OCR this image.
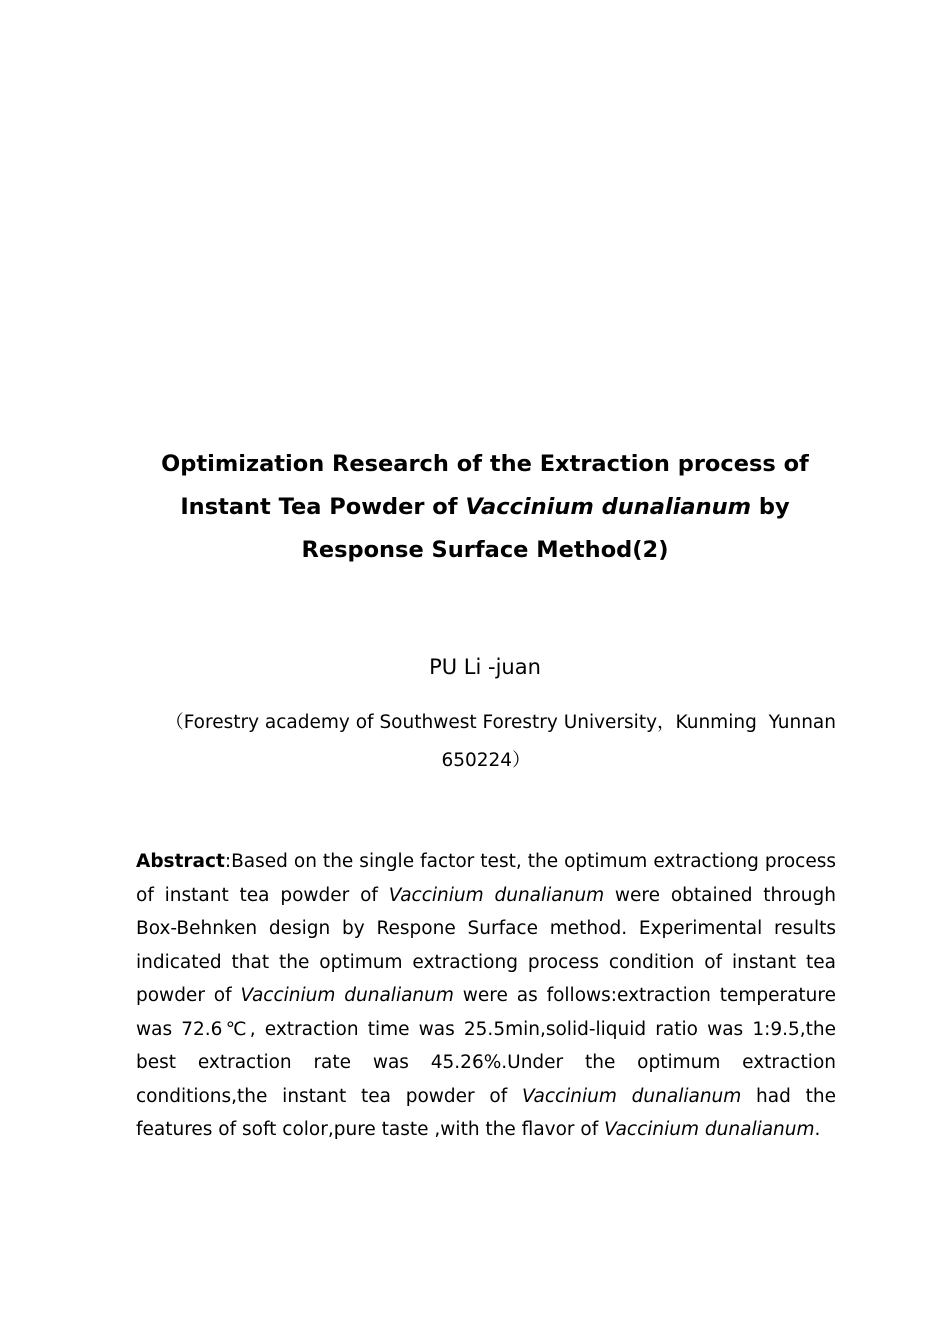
Optimization Research of the Extraction process of Instant Tea Powder of Vaccinium dunalianum by Response Surface Method(2)

PU Li -juan

（Forestry academy of Southwest Forestry University，Kunming  Yunnan
650224）

Abstract:Based on the single factor test, the optimum extractiong process of instant tea powder of Vaccinium dunalianum were obtained through Box-Behnken design by Respone Surface method. Experimental results indicated that the optimum extractiong process condition of instant tea powder of Vaccinium dunalianum were as follows:extraction temperature was 72.6℃, extraction time was 25.5min,solid-liquid ratio was 1:9.5,the best extraction rate was 45.26%.Under the optimum extraction conditions,the instant tea powder of Vaccinium dunalianum had the features of soft color,pure taste ,with the flavor of Vaccinium dunalianum.
